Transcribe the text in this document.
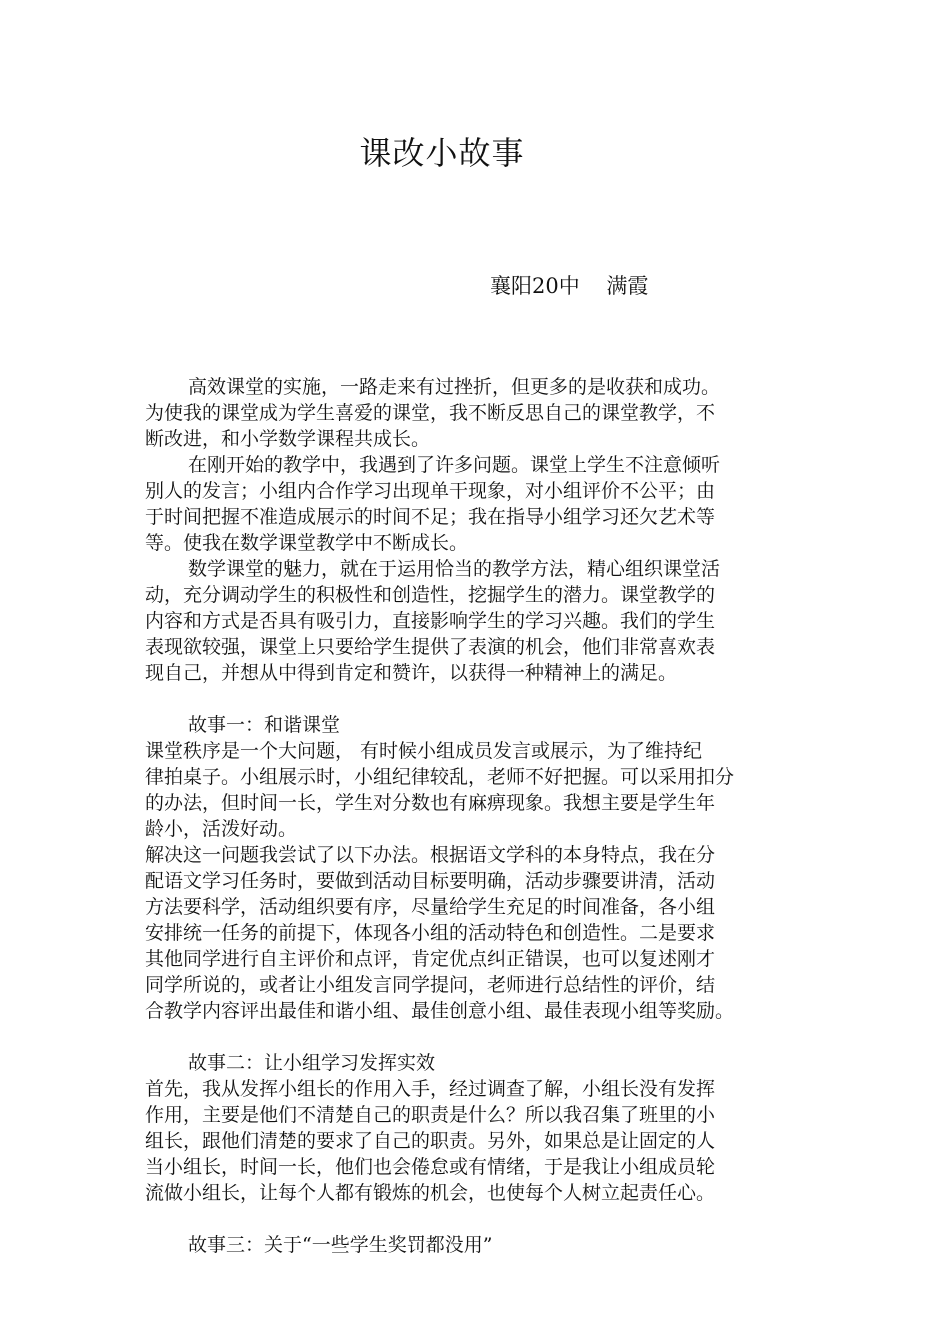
课改小故事
襄阳20中    满霞
高效课堂的实施，一路走来有过挫折，但更多的是收获和成功。
为使我的课堂成为学生喜爱的课堂，我不断反思自己的课堂教学，不
断改进，和小学数学课程共成长。
在刚开始的教学中，我遇到了许多问题。课堂上学生不注意倾听
别人的发言；小组内合作学习出现单干现象，对小组评价不公平；由
于时间把握不准造成展示的时间不足；我在指导小组学习还欠艺术等
等。使我在数学课堂教学中不断成长。
数学课堂的魅力，就在于运用恰当的教学方法，精心组织课堂活
动，充分调动学生的积极性和创造性，挖掘学生的潜力。课堂教学的
内容和方式是否具有吸引力，直接影响学生的学习兴趣。我们的学生
表现欲较强，课堂上只要给学生提供了表演的机会，他们非常喜欢表
现自己，并想从中得到肯定和赞许，以获得一种精神上的满足。
故事一：和谐课堂
课堂秩序是一个大问题， 有时候小组成员发言或展示，为了维持纪
律拍桌子。小组展示时，小组纪律较乱，老师不好把握。可以采用扣分
的办法，但时间一长，学生对分数也有麻痹现象。我想主要是学生年
龄小，活泼好动。
解决这一问题我尝试了以下办法。根据语文学科的本身特点，我在分
配语文学习任务时，要做到活动目标要明确，活动步骤要讲清，活动
方法要科学，活动组织要有序，尽量给学生充足的时间准备，各小组
安排统一任务的前提下，体现各小组的活动特色和创造性。二是要求
其他同学进行自主评价和点评，肯定优点纠正错误，也可以复述刚才
同学所说的，或者让小组发言同学提问，老师进行总结性的评价，结
合教学内容评出最佳和谐小组、最佳创意小组、最佳表现小组等奖励。
故事二：让小组学习发挥实效
首先，我从发挥小组长的作用入手，经过调查了解，小组长没有发挥
作用，主要是他们不清楚自己的职责是什么？所以我召集了班里的小
组长，跟他们清楚的要求了自己的职责。另外，如果总是让固定的人
当小组长，时间一长，他们也会倦怠或有情绪，于是我让小组成员轮
流做小组长，让每个人都有锻炼的机会，也使每个人树立起责任心。
故事三：关于“一些学生奖罚都没用”
